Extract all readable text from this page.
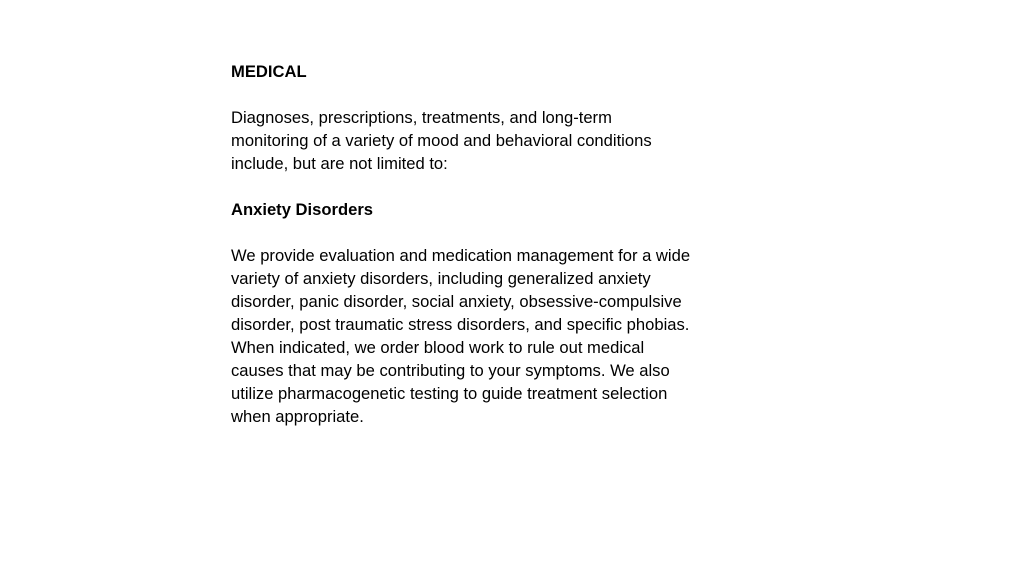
MEDICAL

Diagnoses, prescriptions, treatments, and long-term
monitoring of a variety of mood and behavioral conditions
include, but are not limited to:

Anxiety Disorders

We provide evaluation and medication management for a wide
variety of anxiety disorders, including generalized anxiety
disorder, panic disorder, social anxiety, obsessive-compulsive
disorder, post traumatic stress disorders, and specific phobias.
When indicated, we order blood work to rule out medical
causes that may be contributing to your symptoms. We also
utilize pharmacogenetic testing to guide treatment selection
when appropriate.
